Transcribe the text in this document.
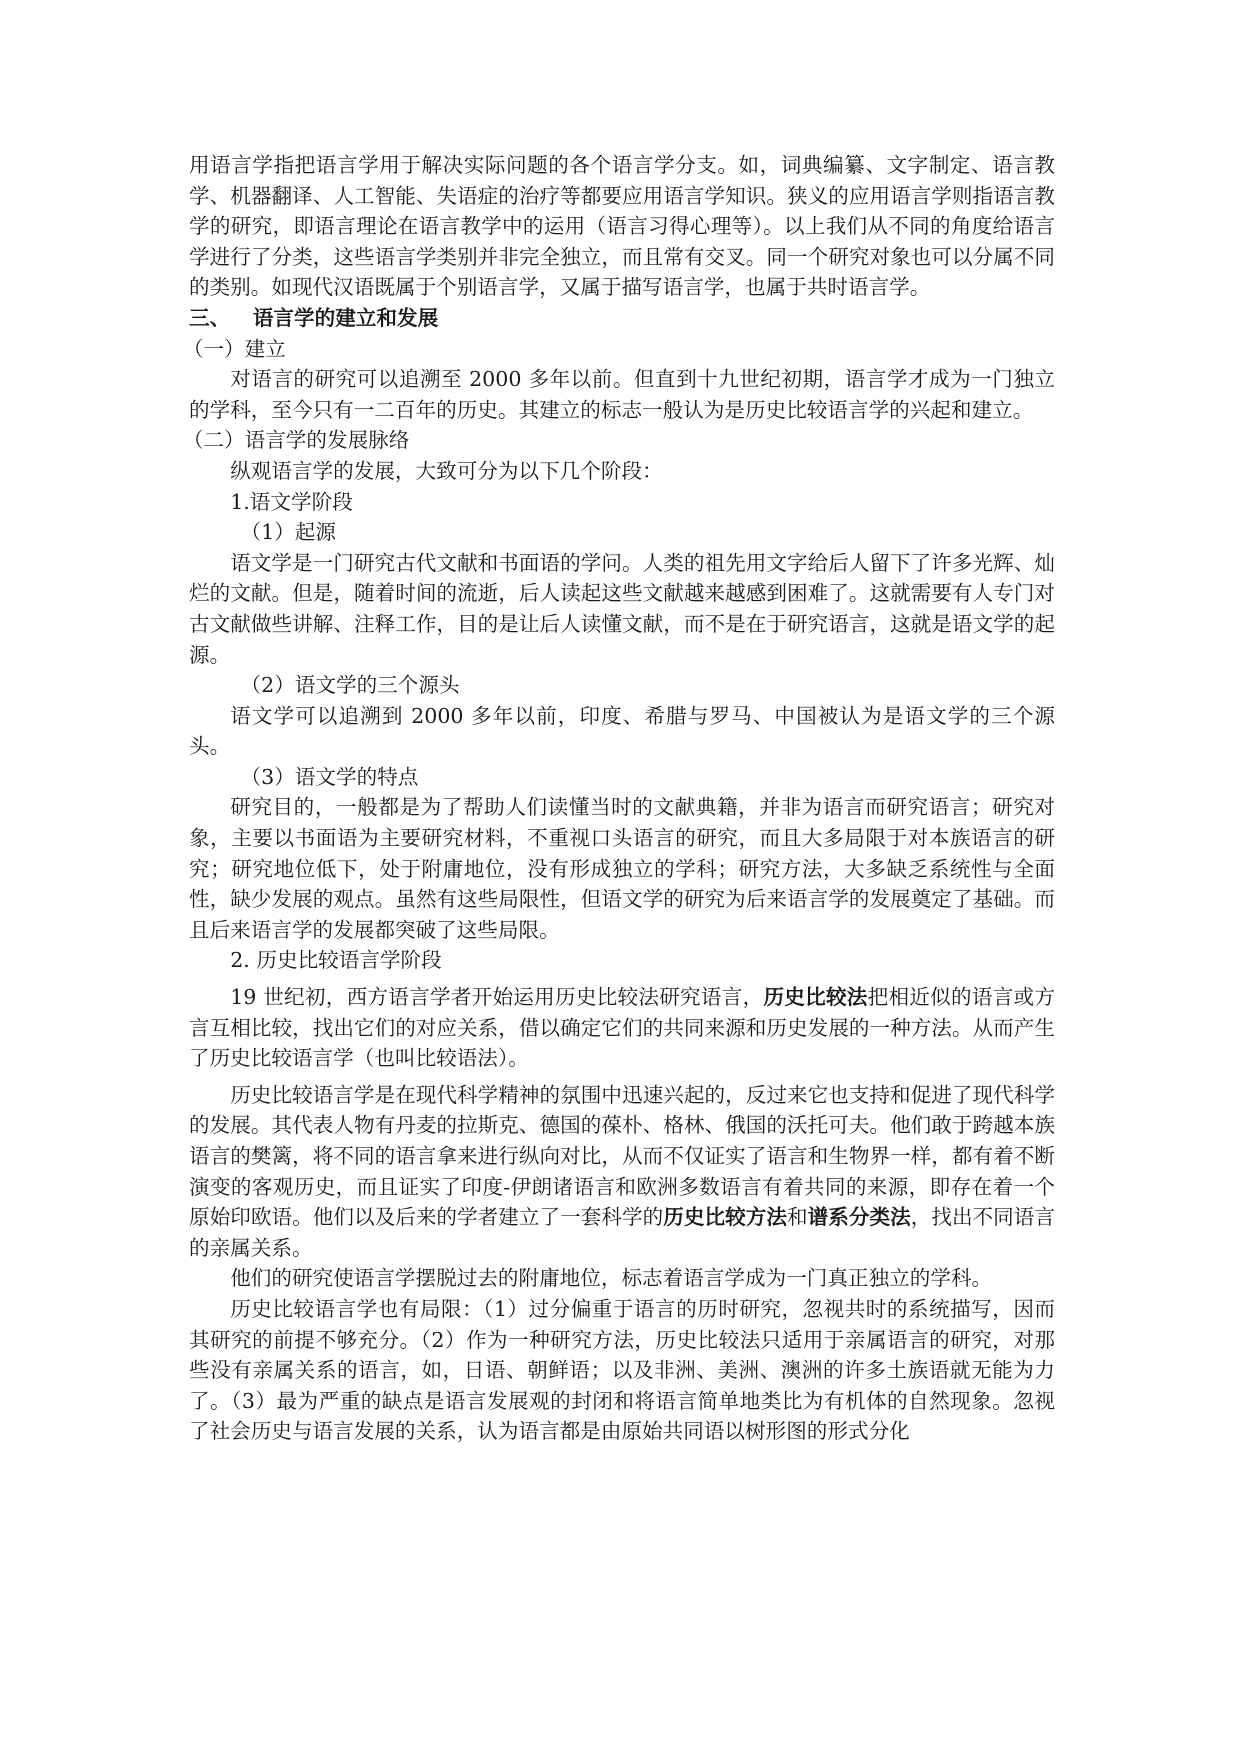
用语言学指把语言学用于解决实际问题的各个语言学分支。如，词典编纂、文字制定、语言教学、机器翻译、人工智能、失语症的治疗等都要应用语言学知识。狭义的应用语言学则指语言教学的研究，即语言理论在语言教学中的运用（语言习得心理等）。以上我们从不同的角度给语言学进行了分类，这些语言学类别并非完全独立，而且常有交叉。同一个研究对象也可以分属不同的类别。如现代汉语既属于个别语言学，又属于描写语言学，也属于共时语言学。

三、 语言学的建立和发展

（一）建立

对语言的研究可以追溯至 2000 多年以前。但直到十九世纪初期，语言学才成为一门独立的学科，至今只有一二百年的历史。其建立的标志一般认为是历史比较语言学的兴起和建立。

（二）语言学的发展脉络

纵观语言学的发展，大致可分为以下几个阶段：

1.语文学阶段

（1）起源

语文学是一门研究古代文献和书面语的学问。人类的祖先用文字给后人留下了许多光辉、灿烂的文献。但是，随着时间的流逝，后人读起这些文献越来越感到困难了。这就需要有人专门对古文献做些讲解、注释工作，目的是让后人读懂文献，而不是在于研究语言，这就是语文学的起源。

（2）语文学的三个源头

语文学可以追溯到 2000 多年以前，印度、希腊与罗马、中国被认为是语文学的三个源头。

（3）语文学的特点

研究目的，一般都是为了帮助人们读懂当时的文献典籍，并非为语言而研究语言；研究对象，主要以书面语为主要研究材料，不重视口头语言的研究，而且大多局限于对本族语言的研究；研究地位低下，处于附庸地位，没有形成独立的学科；研究方法，大多缺乏系统性与全面性，缺少发展的观点。虽然有这些局限性，但语文学的研究为后来语言学的发展奠定了基础。而且后来语言学的发展都突破了这些局限。

2. 历史比较语言学阶段

19 世纪初，西方语言学者开始运用历史比较法研究语言，历史比较法把相近似的语言或方言互相比较，找出它们的对应关系，借以确定它们的共同来源和历史发展的一种方法。从而产生了历史比较语言学（也叫比较语法）。

历史比较语言学是在现代科学精神的氛围中迅速兴起的，反过来它也支持和促进了现代科学的发展。其代表人物有丹麦的拉斯克、德国的葆朴、格林、俄国的沃托可夫。他们敢于跨越本族语言的樊篱，将不同的语言拿来进行纵向对比，从而不仅证实了语言和生物界一样，都有着不断演变的客观历史，而且证实了印度-伊朗诸语言和欧洲多数语言有着共同的来源，即存在着一个原始印欧语。他们以及后来的学者建立了一套科学的历史比较方法和谱系分类法，找出不同语言的亲属关系。

他们的研究使语言学摆脱过去的附庸地位，标志着语言学成为一门真正独立的学科。

历史比较语言学也有局限：（1）过分偏重于语言的历时研究，忽视共时的系统描写，因而其研究的前提不够充分。（2）作为一种研究方法，历史比较法只适用于亲属语言的研究，对那些没有亲属关系的语言，如，日语、朝鲜语；以及非洲、美洲、澳洲的许多土族语就无能为力了。（3）最为严重的缺点是语言发展观的封闭和将语言简单地类比为有机体的自然现象。忽视了社会历史与语言发展的关系，认为语言都是由原始共同语以树形图的形式分化
